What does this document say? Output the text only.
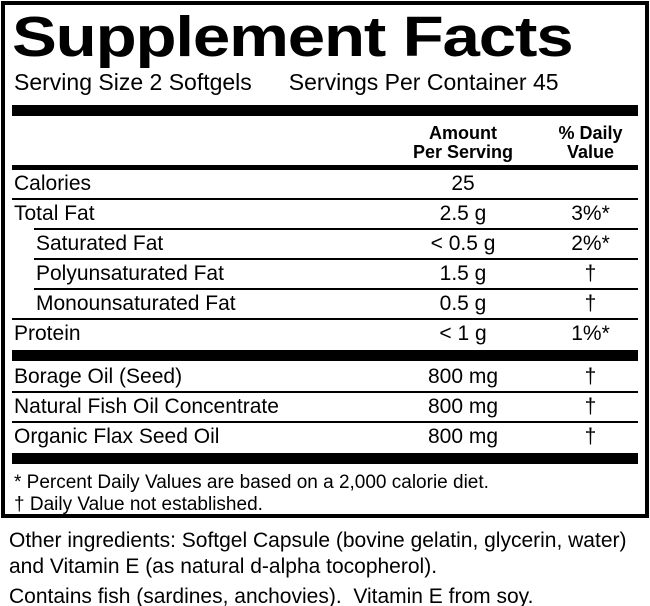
Supplement Facts
Serving Size 2 Softgels Servings Per Container 45
Amount
Per Serving
% Daily
Value
Calories	25
Total Fat	2.5 g	3%*
Saturated Fat	< 0.5 g	2%*
Polyunsaturated Fat	1.5 g	†
Monounsaturated Fat	0.5 g	†
Protein	< 1 g	1%*
Borage Oil (Seed)	800 mg	†
Natural Fish Oil Concentrate	800 mg	†
Organic Flax Seed Oil	800 mg	†
* Percent Daily Values are based on a 2,000 calorie diet.
† Daily Value not established.
Other ingredients: Softgel Capsule (bovine gelatin, glycerin, water)
and Vitamin E (as natural d-alpha tocopherol).
Contains fish (sardines, anchovies).  Vitamin E from soy.
